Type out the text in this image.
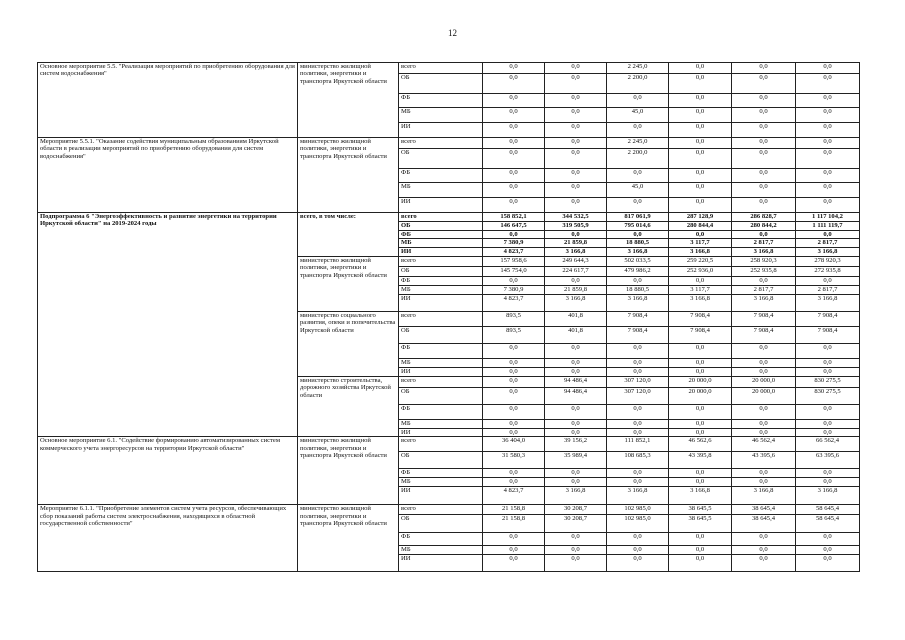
12
Основное мероприятие 5.5. "Реализация мероприятий по приобретению оборудования для систем водоснабжения"	министерство жилищной политики, энергетики и транспорта Иркутской области	всего	0,0	0,0	2 245,0	0,0	0,0	0,0
		ОБ	0,0	0,0	2 200,0	0,0	0,0	0,0
		ФБ	0,0	0,0	0,0	0,0	0,0	0,0
		МБ	0,0	0,0	45,0	0,0	0,0	0,0
		ИИ	0,0	0,0	0,0	0,0	0,0	0,0
Мероприятие 5.5.1. "Оказание содействия муниципальным образованиям Иркутской области в реализации мероприятий по приобретению оборудования для систем водоснабжения"	министерство жилищной политики, энергетики и транспорта Иркутской области	всего	0,0	0,0	2 245,0	0,0	0,0	0,0
		ОБ	0,0	0,0	2 200,0	0,0	0,0	0,0
		ФБ	0,0	0,0	0,0	0,0	0,0	0,0
		МБ	0,0	0,0	45,0	0,0	0,0	0,0
		ИИ	0,0	0,0	0,0	0,0	0,0	0,0
Подпрограмма 6 "Энергоэффективность и развитие энергетики на территории Иркутской области" на 2019-2024 годы	всего, в том числе:	всего	158 852,1	344 532,5	817 061,9	287 128,9	286 828,7	1 117 104,2
		ОБ	146 647,5	319 505,9	795 014,6	280 844,4	280 844,2	1 111 119,7
		ФБ	0,0	0,0	0,0	0,0	0,0	0,0
		МБ	7 380,9	21 859,8	18 880,5	3 117,7	2 817,7	2 817,7
		ИИ	4 823,7	3 166,8	3 166,8	3 166,8	3 166,8	3 166,8
	министерство жилищной политики, энергетики и транспорта Иркутской области	всего	157 958,6	249 644,3	502 033,5	259 220,5	258 920,3	278 920,3
		ОБ	145 754,0	224 617,7	479 986,2	252 936,0	252 935,8	272 935,8
		ФБ	0,0	0,0	0,0	0,0	0,0	0,0
		МБ	7 380,9	21 859,8	18 880,5	3 117,7	2 817,7	2 817,7
		ИИ	4 823,7	3 166,8	3 166,8	3 166,8	3 166,8	3 166,8
	министерство социального развития, опеки и попечительства Иркутской области	всего	893,5	401,8	7 908,4	7 908,4	7 908,4	7 908,4
		ОБ	893,5	401,8	7 908,4	7 908,4	7 908,4	7 908,4
		ФБ	0,0	0,0	0,0	0,0	0,0	0,0
		МБ	0,0	0,0	0,0	0,0	0,0	0,0
		ИИ	0,0	0,0	0,0	0,0	0,0	0,0
	министерство строительства, дорожного хозяйства Иркутской области	всего	0,0	94 486,4	307 120,0	20 000,0	20 000,0	830 275,5
		ОБ	0,0	94 486,4	307 120,0	20 000,0	20 000,0	830 275,5
		ФБ	0,0	0,0	0,0	0,0	0,0	0,0
		МБ	0,0	0,0	0,0	0,0	0,0	0,0
		ИИ	0,0	0,0	0,0	0,0	0,0	0,0
Основное мероприятие 6.1. "Содействие формированию автоматизированных систем коммерческого учета энергоресурсов на территории Иркутской области"	министерство жилищной политики, энергетики и транспорта Иркутской области	всего	36 404,0	39 156,2	111 852,1	46 562,6	46 562,4	66 562,4
		ОБ	31 580,3	35 989,4	108 685,3	43 395,8	43 395,6	63 395,6
		ФБ	0,0	0,0	0,0	0,0	0,0	0,0
		МБ	0,0	0,0	0,0	0,0	0,0	0,0
		ИИ	4 823,7	3 166,8	3 166,8	3 166,8	3 166,8	3 166,8
Мероприятие 6.1.1. "Приобретение элементов систем учета ресурсов, обеспечивающих сбор показаний работы систем электроснабжения, находящихся в областной государственной собственности"	министерство жилищной политики, энергетики и транспорта Иркутской области	всего	21 158,8	30 208,7	102 985,0	38 645,5	38 645,4	58 645,4
		ОБ	21 158,8	30 208,7	102 985,0	38 645,5	38 645,4	58 645,4
		ФБ	0,0	0,0	0,0	0,0	0,0	0,0
		МБ	0,0	0,0	0,0	0,0	0,0	0,0
		ИИ	0,0	0,0	0,0	0,0	0,0	0,0
